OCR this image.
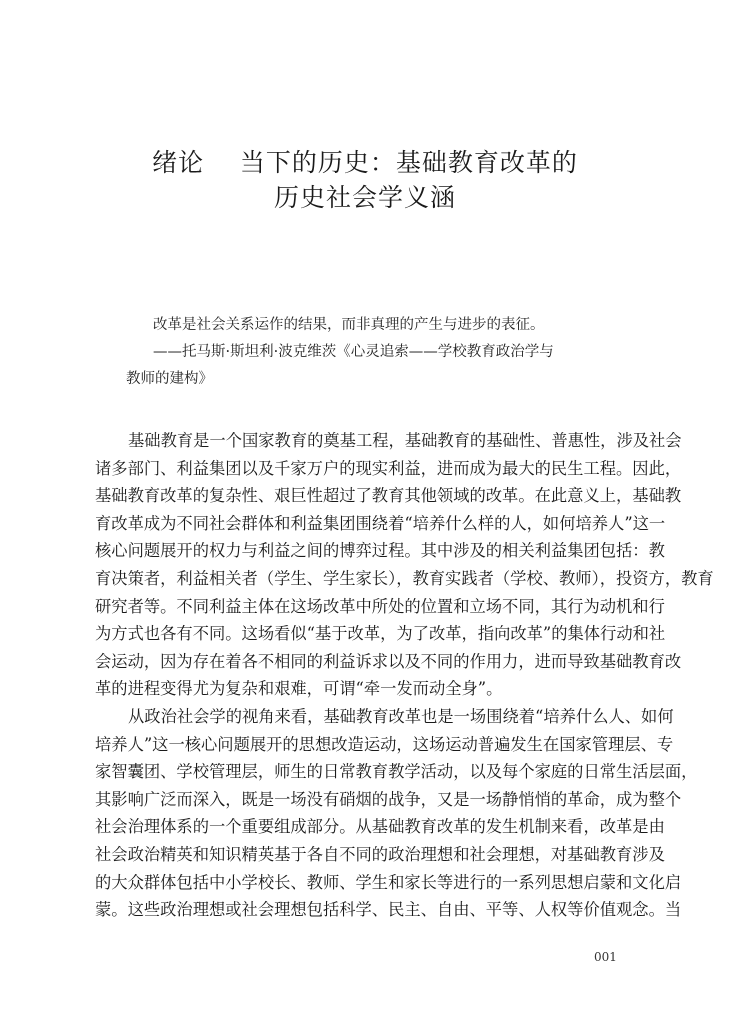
绪论    当下的历史：基础教育改革的
历史社会学义涵

改革是社会关系运作的结果，而非真理的产生与进步的表征。

——托马斯·斯坦利·波克维茨《心灵追索——学校教育政治学与

教师的建构》

基础教育是一个国家教育的奠基工程，基础教育的基础性、普惠性，涉及社会
诸多部门、利益集团以及千家万户的现实利益，进而成为最大的民生工程。因此，
基础教育改革的复杂性、艰巨性超过了教育其他领域的改革。在此意义上，基础教
育改革成为不同社会群体和利益集团围绕着“培养什么样的人，如何培养人”这一
核心问题展开的权力与利益之间的博弈过程。其中涉及的相关利益集团包括：教
育决策者，利益相关者（学生、学生家长），教育实践者（学校、教师），投资方，教育
研究者等。不同利益主体在这场改革中所处的位置和立场不同，其行为动机和行
为方式也各有不同。这场看似“基于改革，为了改革，指向改革”的集体行动和社
会运动，因为存在着各不相同的利益诉求以及不同的作用力，进而导致基础教育改
革的进程变得尤为复杂和艰难，可谓“牵一发而动全身”。
从政治社会学的视角来看，基础教育改革也是一场围绕着“培养什么人、如何
培养人”这一核心问题展开的思想改造运动，这场运动普遍发生在国家管理层、专
家智囊团、学校管理层，师生的日常教育教学活动，以及每个家庭的日常生活层面，
其影响广泛而深入，既是一场没有硝烟的战争，又是一场静悄悄的革命，成为整个
社会治理体系的一个重要组成部分。从基础教育改革的发生机制来看，改革是由
社会政治精英和知识精英基于各自不同的政治理想和社会理想，对基础教育涉及
的大众群体包括中小学校长、教师、学生和家长等进行的一系列思想启蒙和文化启
蒙。这些政治理想或社会理想包括科学、民主、自由、平等、人权等价值观念。当
001
